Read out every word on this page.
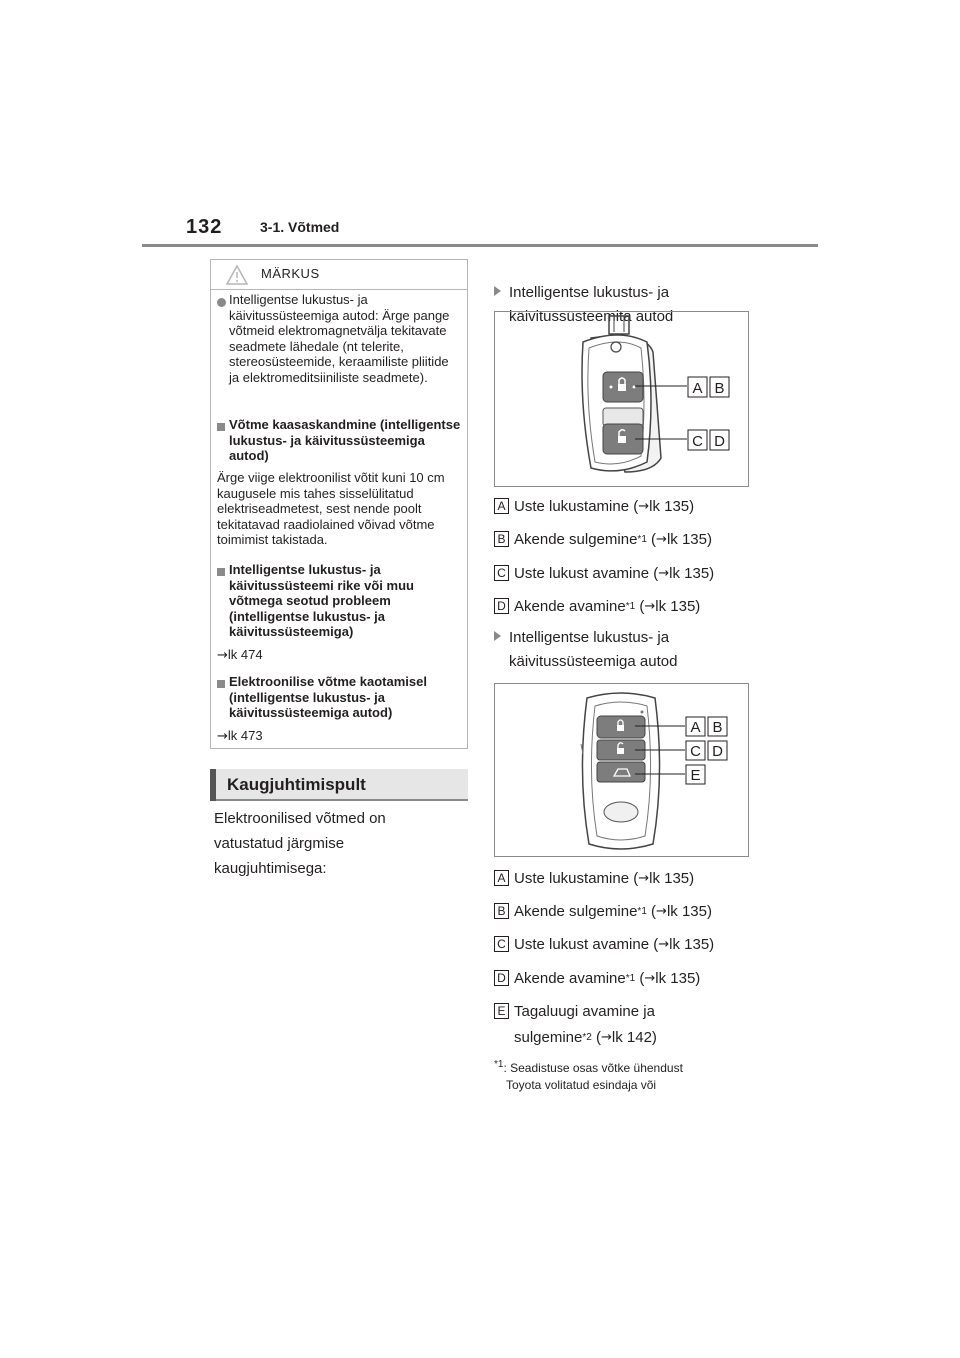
132	3-1. Võtmed
MÄRKUS
Intelligentse lukustus- ja käivitussüsteemiga autod: Ärge pange võtmeid elektromagnetvälja tekitavate seadmete lähedale (nt telerite, stereosüsteemide, keraamiliste pliitide ja elektromeditsiiniliste seadmete).
Võtme kaasaskandmine (intelligentse lukustus- ja käivitussüsteemiga autod)
Ärge viige elektroonilist võtit kuni 10 cm kaugusele mis tahes sisselülitatud elektriseadmetest, sest nende poolt tekitatavad raadiolained võivad võtme toimimist takistada.
Intelligentse lukustus- ja käivitussüsteemi rike või muu võtmega seotud probleem (intelligentse lukustus- ja käivitussüsteemiga)
→lk 474
Elektroonilise võtme kaotamisel (intelligentse lukustus- ja käivitussüsteemiga autod)
→lk 473
Kaugjuhtimispult
Elektroonilised võtmed on
vatustatud järgmise
kaugjuhtimisega:
Intelligentse lukustus- ja
käivitussüsteemita autod
A B
C D
A Uste lukustamine ( → lk 135)
B Akende sulgemine *1 ( → lk 135)
C Uste lukust avamine ( → lk 135)
D Akende avamine *1 ( → lk 135)
Intelligentse lukustus- ja
käivitussüsteemiga autod
A B
C D
E
A Uste lukustamine ( → lk 135)
B Akende sulgemine *1 ( → lk 135)
C Uste lukust avamine ( → lk 135)
D Akende avamine *1 ( → lk 135)
E Tagaluugi avamine ja
sulgemine *2 ( → lk 142)
$^{*1}$: Seadistuse osas võtke ühendust
Toyota volitatud esindaja või
